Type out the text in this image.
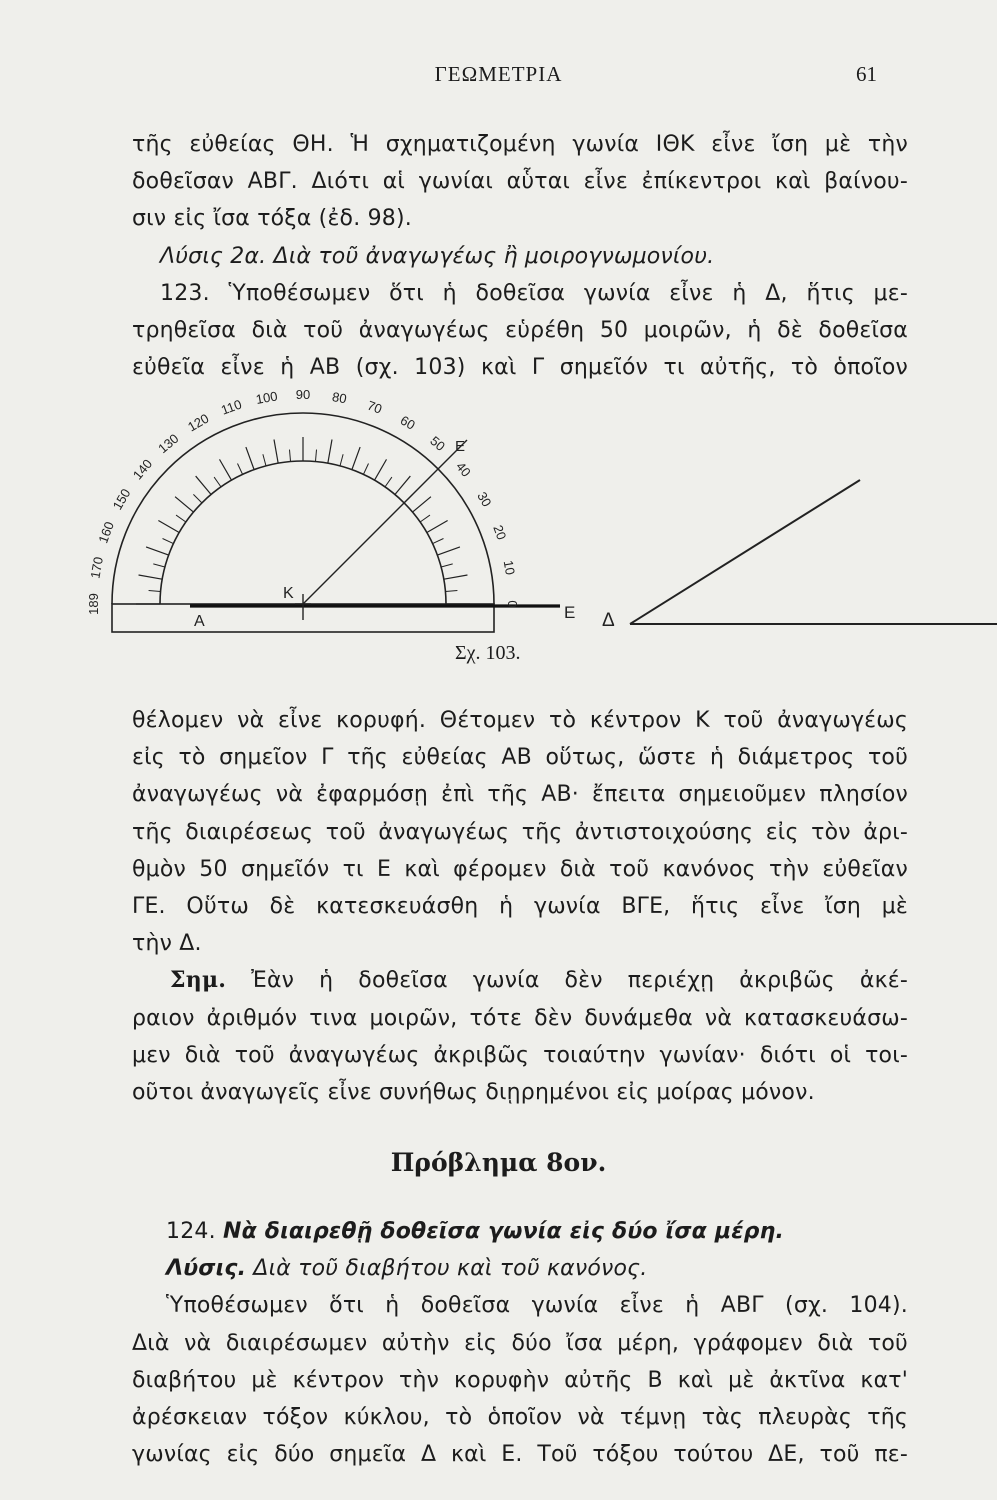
ΓΕΩΜΕΤΡΙΑ	61
τῆς εὐθείας ΘΗ. Ἡ σχηματιζομένη γωνία ΙΘΚ εἶνε ἴση μὲ τὴν
δοθεῖσαν ΑΒΓ. Διότι αἱ γωνίαι αὗται εἶνε ἐπίκεντροι καὶ βαίνου-
σιν εἰς ἴσα τόξα (ἐδ. 98).
Λύσις 2α. Διὰ τοῦ ἀναγωγέως ἢ μοιρογνωμονίου.
123. Ὑποθέσωμεν ὅτι ἡ δοθεῖσα γωνία εἶνε ἡ Δ, ἥτις με-
τρηθεῖσα διὰ τοῦ ἀναγωγέως εὑρέθη 50 μοιρῶν, ἡ δὲ δοθεῖσα
εὐθεῖα εἶνε ἡ ΑΒ (σχ. 103) καὶ Γ σημεῖόν τι αὐτῆς, τὸ ὁποῖον
A
K
E
E Δ
189
170
160
150
140
130
120
110 100 90 80 70
60
50
40
30
20
10
0
Σχ. 103.
θέλομεν νὰ εἶνε κορυφή. Θέτομεν τὸ κέντρον Κ τοῦ ἀναγωγέως
εἰς τὸ σημεῖον Γ τῆς εὐθείας ΑΒ οὕτως, ὥστε ἡ διάμετρος τοῦ
ἀναγωγέως νὰ ἐφαρμόσῃ ἐπὶ τῆς ΑΒ· ἔπειτα σημειοῦμεν πλησίον
τῆς διαιρέσεως τοῦ ἀναγωγέως τῆς ἀντιστοιχούσης εἰς τὸν ἀρι-
θμὸν 50 σημεῖόν τι Ε καὶ φέρομεν διὰ τοῦ κανόνος τὴν εὐθεῖαν
ΓΕ. Οὕτω δὲ κατεσκευάσθη ἡ γωνία ΒΓΕ, ἥτις εἶνε ἴση μὲ
τὴν Δ.
Σημ. Ἐὰν ἡ δοθεῖσα γωνία δὲν περιέχῃ ἀκριβῶς ἀκέ-
ραιον ἀριθμόν τινα μοιρῶν, τότε δὲν δυνάμεθα νὰ κατασκευάσω-
μεν διὰ τοῦ ἀναγωγέως ἀκριβῶς τοιαύτην γωνίαν· διότι οἱ τοι-
οῦτοι ἀναγωγεῖς εἶνε συνήθως διῃρημένοι εἰς μοίρας μόνον.
Πρόβλημα 8ον.
124. Νὰ διαιρεθῇ δοθεῖσα γωνία εἰς δύο ἴσα μέρη.
Λύσις. Διὰ τοῦ διαβήτου καὶ τοῦ κανόνος.
Ὑποθέσωμεν ὅτι ἡ δοθεῖσα γωνία εἶνε ἡ ΑΒΓ (σχ. 104).
Διὰ νὰ διαιρέσωμεν αὐτὴν εἰς δύο ἴσα μέρη, γράφομεν διὰ τοῦ
διαβήτου μὲ κέντρον τὴν κορυφὴν αὐτῆς Β καὶ μὲ ἀκτῖνα κατ'
ἀρέσκειαν τόξον κύκλου, τὸ ὁποῖον νὰ τέμνῃ τὰς πλευρὰς τῆς
γωνίας εἰς δύο σημεῖα Δ καὶ Ε. Τοῦ τόξου τούτου ΔΕ, τοῦ πε-
